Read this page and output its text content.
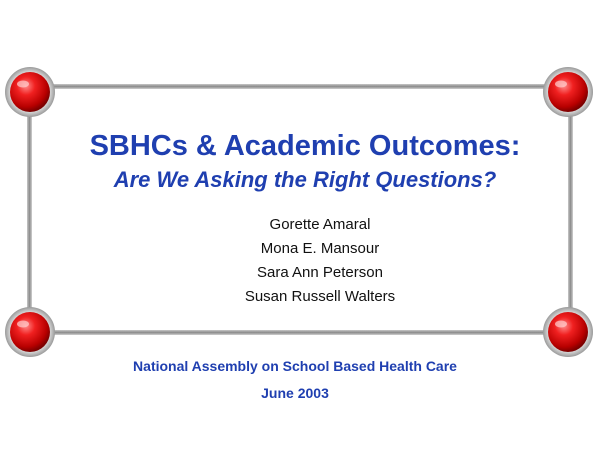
SBHCs & Academic Outcomes:
Are We Asking the Right Questions?
Gorette Amaral
Mona E. Mansour
Sara Ann Peterson
Susan Russell Walters
National Assembly on School Based Health Care
June 2003
